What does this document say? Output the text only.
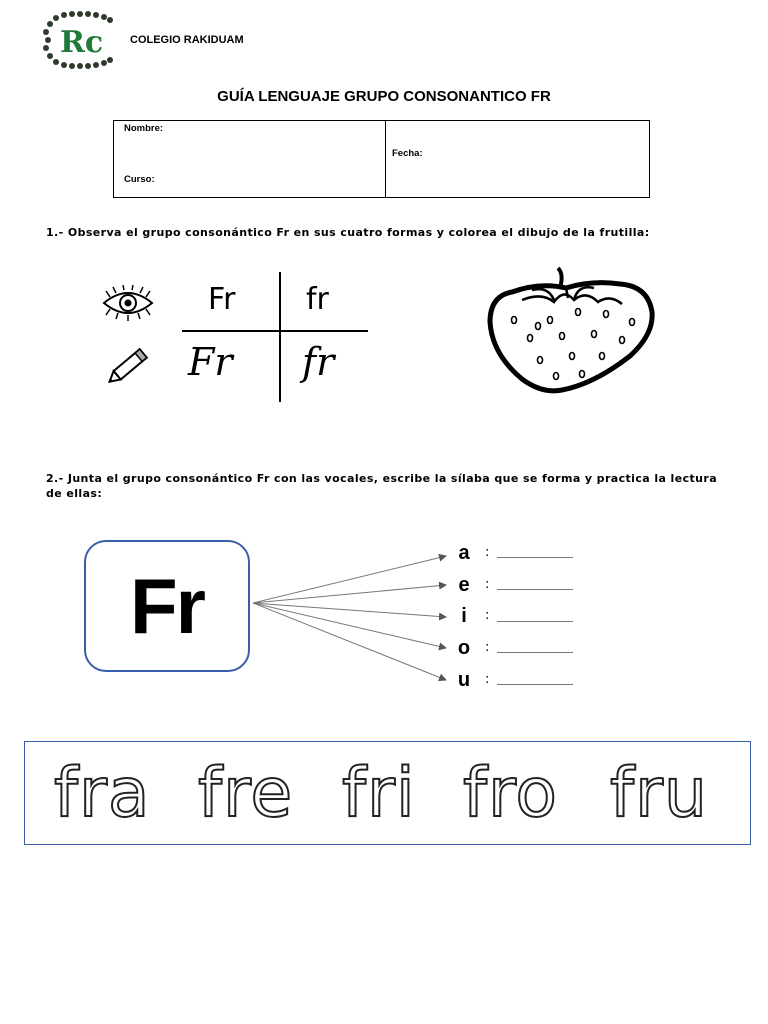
Rc COLEGIO RAKIDUAM
GUÍA LENGUAJE GRUPO CONSONANTICO FR
Nombre:
Curso:
Fecha:
1.- Observa el grupo consonántico Fr en sus cuatro formas y colorea el dibujo de la frutilla:
Fr fr
Fr fr
2.- Junta el grupo consonántico Fr con las vocales, escribe la sílaba que se forma y practica la lectura de ellas:
Fr
a
e
i
o
u
:
:
:
:
:
fra fre fri fro fru
